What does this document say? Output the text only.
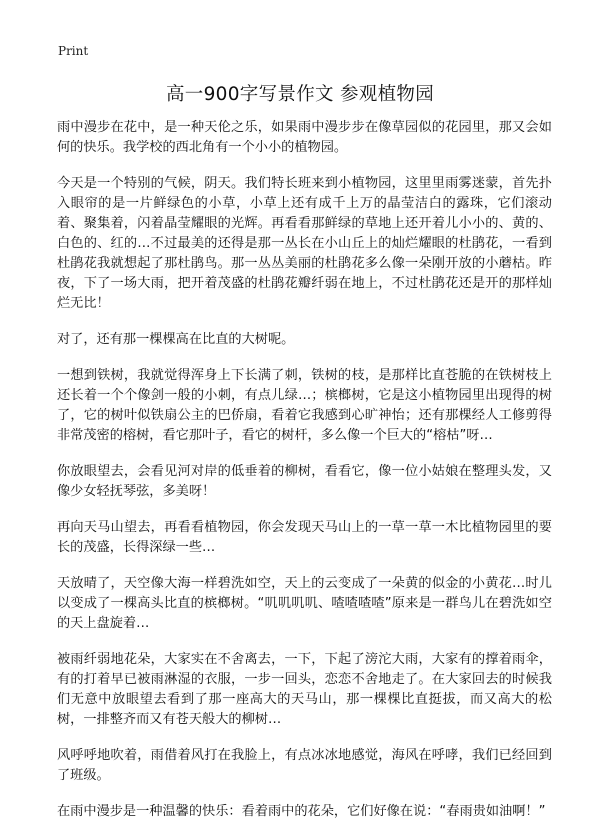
Print
高一900字写景作文 参观植物园

雨中漫步在花中，是一种天伦之乐，如果雨中漫步步在像草园似的花园里，那又会如何的快乐。我学校的西北角有一个小小的植物园。

今天是一个特别的气候，阴天。我们特长班来到小植物园，这里里雨雾迷蒙，首先扑入眼帘的是一片鲜绿色的小草，小草上还有成千上万的晶莹洁白的露珠，它们滚动着、聚集着，闪着晶莹耀眼的光辉。再看看那鲜绿的草地上还开着儿小小的、黄的、白色的、红的…不过最美的还得是那一丛长在小山丘上的灿烂耀眼的杜鹃花，一看到杜鹃花我就想起了那杜鹃鸟。那一丛丛美丽的杜鹃花多么像一朵刚开放的小蘑枯。昨夜，下了一场大雨，把开着茂盛的杜鹃花瓣纤弱在地上，不过杜鹃花还是开的那样灿烂无比！

对了，还有那一棵棵高在比直的大树呢。

一想到铁树，我就觉得浑身上下长满了刺，铁树的枝，是那样比直苍脆的在铁树枝上还长着一个个像剑一般的小刺，有点儿绿…；槟榔树，它是这小植物园里出现得的树了，它的树叶似铁扇公主的巴侨扇，看着它我感到心旷神怡；还有那棵经人工修剪得非常茂密的榕树，看它那叶子，看它的树杆，多么像一个巨大的“榕枯”呀…

你放眼望去，会看见河对岸的低垂着的柳树，看看它，像一位小姑娘在整理头发，又像少女轻抚琴弦，多美呀！

再向天马山望去，再看看植物园，你会发现天马山上的一草一草一木比植物园里的要长的茂盛，长得深绿一些…

天放晴了，天空像大海一样碧洗如空，天上的云变成了一朵黄的似金的小黄花…时儿以变成了一棵高头比直的槟榔树。“叽叽叽叽、喳喳喳喳”原来是一群鸟儿在碧洗如空的天上盘旋着…

被雨纤弱地花朵，大家实在不舍离去，一下，下起了滂沱大雨，大家有的撑着雨伞，有的打着早已被雨淋湿的衣服，一步一回头，恋恋不舍地走了。在大家回去的时候我们无意中放眼望去看到了那一座高大的天马山，那一棵棵比直挺拔，而又高大的松树，一排整齐而又有苍天般大的柳树…

风呼呼地吹着，雨借着风打在我脸上，有点冰冰地感觉，海风在呼哮，我们已经回到了班级。

在雨中漫步是一种温馨的快乐：看着雨中的花朵，它们好像在说：“春雨贵如油啊！”
